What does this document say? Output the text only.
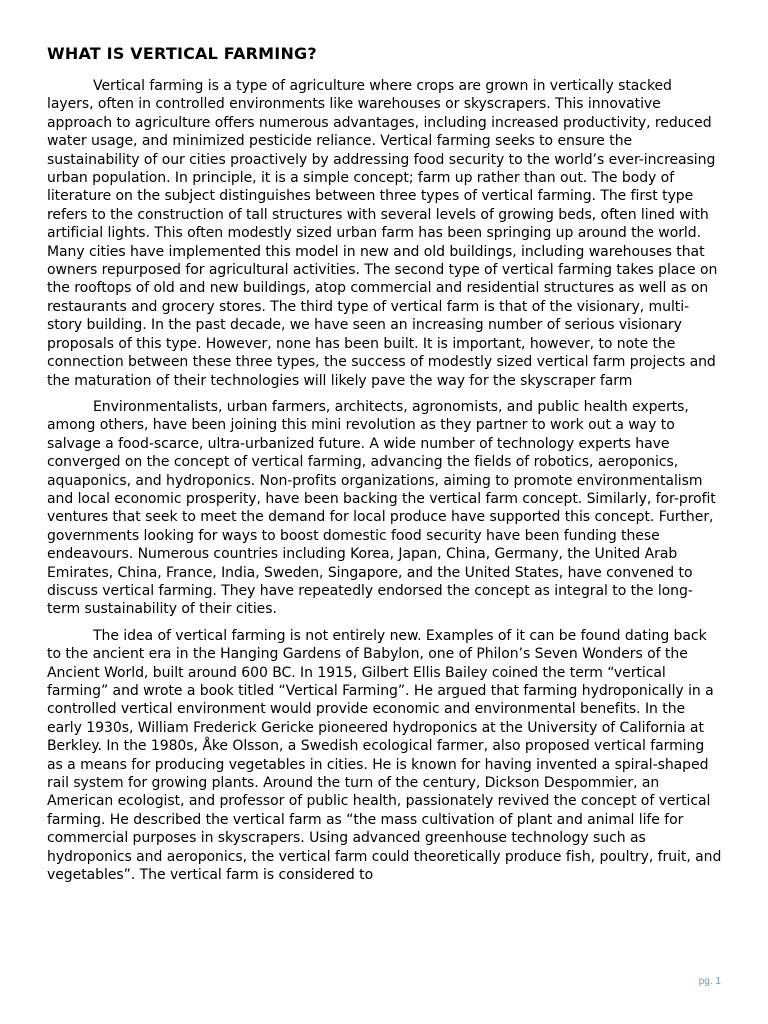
WHAT IS VERTICAL FARMING?

Vertical farming is a type of agriculture where crops are grown in vertically stacked layers, often in controlled environments like warehouses or skyscrapers. This innovative approach to agriculture offers numerous advantages, including increased productivity, reduced water usage, and minimized pesticide reliance. Vertical farming seeks to ensure the sustainability of our cities proactively by addressing food security to the world’s ever-increasing urban population. In principle, it is a simple concept; farm up rather than out. The body of literature on the subject distinguishes between three types of vertical farming. The first type refers to the construction of tall structures with several levels of growing beds, often lined with artificial lights. This often modestly sized urban farm has been springing up around the world. Many cities have implemented this model in new and old buildings, including warehouses that owners repurposed for agricultural activities. The second type of vertical farming takes place on the rooftops of old and new buildings, atop commercial and residential structures as well as on restaurants and grocery stores. The third type of vertical farm is that of the visionary, multi-story building. In the past decade, we have seen an increasing number of serious visionary proposals of this type. However, none has been built. It is important, however, to note the connection between these three types, the success of modestly sized vertical farm projects and the maturation of their technologies will likely pave the way for the skyscraper farm

Environmentalists, urban farmers, architects, agronomists, and public health experts, among others, have been joining this mini revolution as they partner to work out a way to salvage a food-scarce, ultra-urbanized future. A wide number of technology experts have converged on the concept of vertical farming, advancing the fields of robotics, aeroponics, aquaponics, and hydroponics. Non-profits organizations, aiming to promote environmentalism and local economic prosperity, have been backing the vertical farm concept. Similarly, for-profit ventures that seek to meet the demand for local produce have supported this concept. Further, governments looking for ways to boost domestic food security have been funding these endeavours. Numerous countries including Korea, Japan, China, Germany, the United Arab Emirates, China, France, India, Sweden, Singapore, and the United States, have convened to discuss vertical farming. They have repeatedly endorsed the concept as integral to the long-term sustainability of their cities.

The idea of vertical farming is not entirely new. Examples of it can be found dating back to the ancient era in the Hanging Gardens of Babylon, one of Philon’s Seven Wonders of the Ancient World, built around 600 BC. In 1915, Gilbert Ellis Bailey coined the term “vertical farming” and wrote a book titled “Vertical Farming”. He argued that farming hydroponically in a controlled vertical environment would provide economic and environmental benefits. In the early 1930s, William Frederick Gericke pioneered hydroponics at the University of California at Berkley. In the 1980s, Åke Olsson, a Swedish ecological farmer, also proposed vertical farming as a means for producing vegetables in cities. He is known for having invented a spiral-shaped rail system for growing plants. Around the turn of the century, Dickson Despommier, an American ecologist, and professor of public health, passionately revived the concept of vertical farming. He described the vertical farm as “the mass cultivation of plant and animal life for commercial purposes in skyscrapers. Using advanced greenhouse technology such as hydroponics and aeroponics, the vertical farm could theoretically produce fish, poultry, fruit, and vegetables”. The vertical farm is considered to

pg. 1
